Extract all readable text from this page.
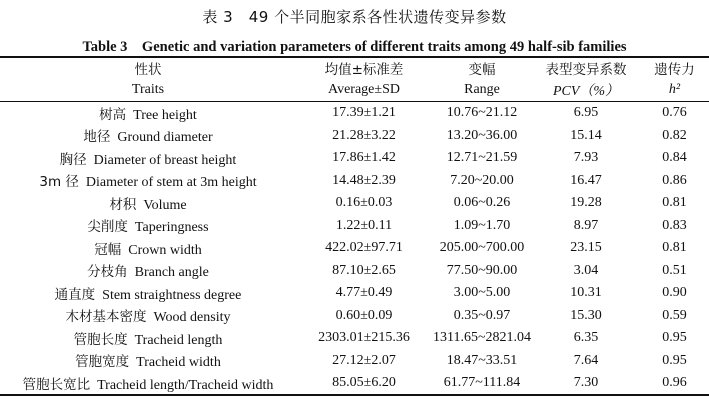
表 3　49 个半同胞家系各性状遗传变异参数
Table 3　Genetic and variation parameters of different traits among 49 half-sib families
性状	均值±标准差	变幅	表型变异系数	遗传力
Traits	Average±SD	Range	PCV（%）	h²

树高 Tree height	17.39±1.21	10.76~21.12	6.95	0.76
地径 Ground diameter	21.28±3.22	13.20~36.00	15.14	0.82
胸径 Diameter of breast height	17.86±1.42	12.71~21.59	7.93	0.84
3m 径 Diameter of stem at 3m height	14.48±2.39	7.20~20.00	16.47	0.86
材积 Volume	0.16±0.03	0.06~0.26	19.28	0.81
尖削度 Taperingness	1.22±0.11	1.09~1.70	8.97	0.83
冠幅 Crown width	422.02±97.71	205.00~700.00	23.15	0.81
分枝角 Branch angle	87.10±2.65	77.50~90.00	3.04	0.51
通直度 Stem straightness degree	4.77±0.49	3.00~5.00	10.31	0.90
木材基本密度 Wood density	0.60±0.09	0.35~0.97	15.30	0.59
管胞长度 Tracheid length	2303.01±215.36	1311.65~2821.04	6.35	0.95
管胞宽度 Tracheid width	27.12±2.07	18.47~33.51	7.64	0.95
管胞长宽比 Tracheid length/Tracheid width	85.05±6.20	61.77~111.84	7.30	0.96
